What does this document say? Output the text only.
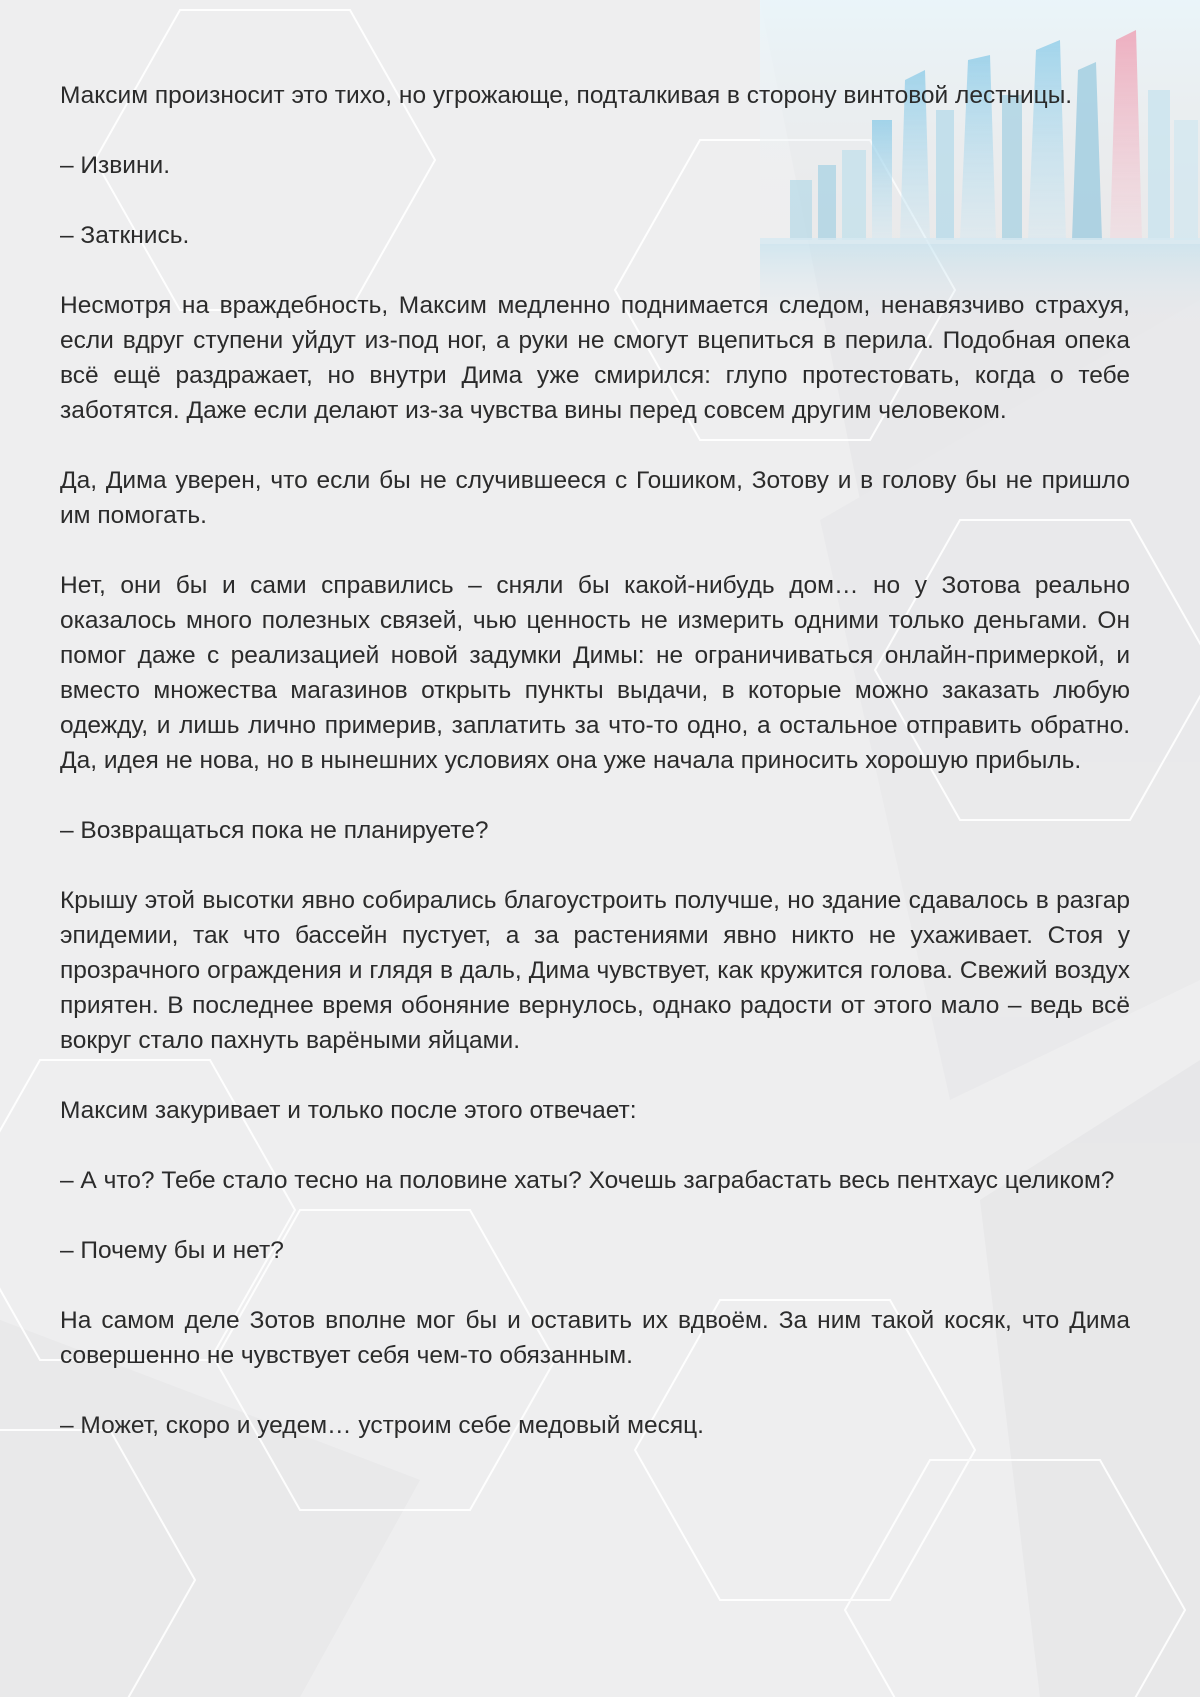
Максим произносит это тихо, но угрожающе, подталкивая в сторону винтовой лестницы.

– Извини.

– Заткнись.

Несмотря на враждебность, Максим медленно поднимается следом, ненавязчиво страхуя, если вдруг ступени уйдут из-под ног, а руки не смогут вцепиться в перила. Подобная опека всё ещё раздражает, но внутри Дима уже смирился: глупо протестовать, когда о тебе заботятся. Даже если делают из-за чувства вины перед совсем другим человеком.

Да, Дима уверен, что если бы не случившееся с Гошиком, Зотову и в голову бы не пришло им помогать.

Нет, они бы и сами справились – сняли бы какой-нибудь дом… но у Зотова реально оказалось много полезных связей, чью ценность не измерить одними только деньгами. Он помог даже с реализацией новой задумки Димы: не ограничиваться онлайн-примеркой, и вместо множества магазинов открыть пункты выдачи, в которые можно заказать любую одежду, и лишь лично примерив, заплатить за что-то одно, а остальное отправить обратно. Да, идея не нова, но в нынешних условиях она уже начала приносить хорошую прибыль.

– Возвращаться пока не планируете?

Крышу этой высотки явно собирались благоустроить получше, но здание сдавалось в разгар эпидемии, так что бассейн пустует, а за растениями явно никто не ухаживает. Стоя у прозрачного ограждения и глядя в даль, Дима чувствует, как кружится голова. Свежий воздух приятен. В последнее время обоняние вернулось, однако радости от этого мало – ведь всё вокруг стало пахнуть варёными яйцами.

Максим закуривает и только после этого отвечает:

– А что? Тебе стало тесно на половине хаты? Хочешь заграбастать весь пентхаус целиком?

– Почему бы и нет?

На самом деле Зотов вполне мог бы и оставить их вдвоём. За ним такой косяк, что Дима совершенно не чувствует себя чем-то обязанным.

– Может, скоро и уедем… устроим себе медовый месяц.
